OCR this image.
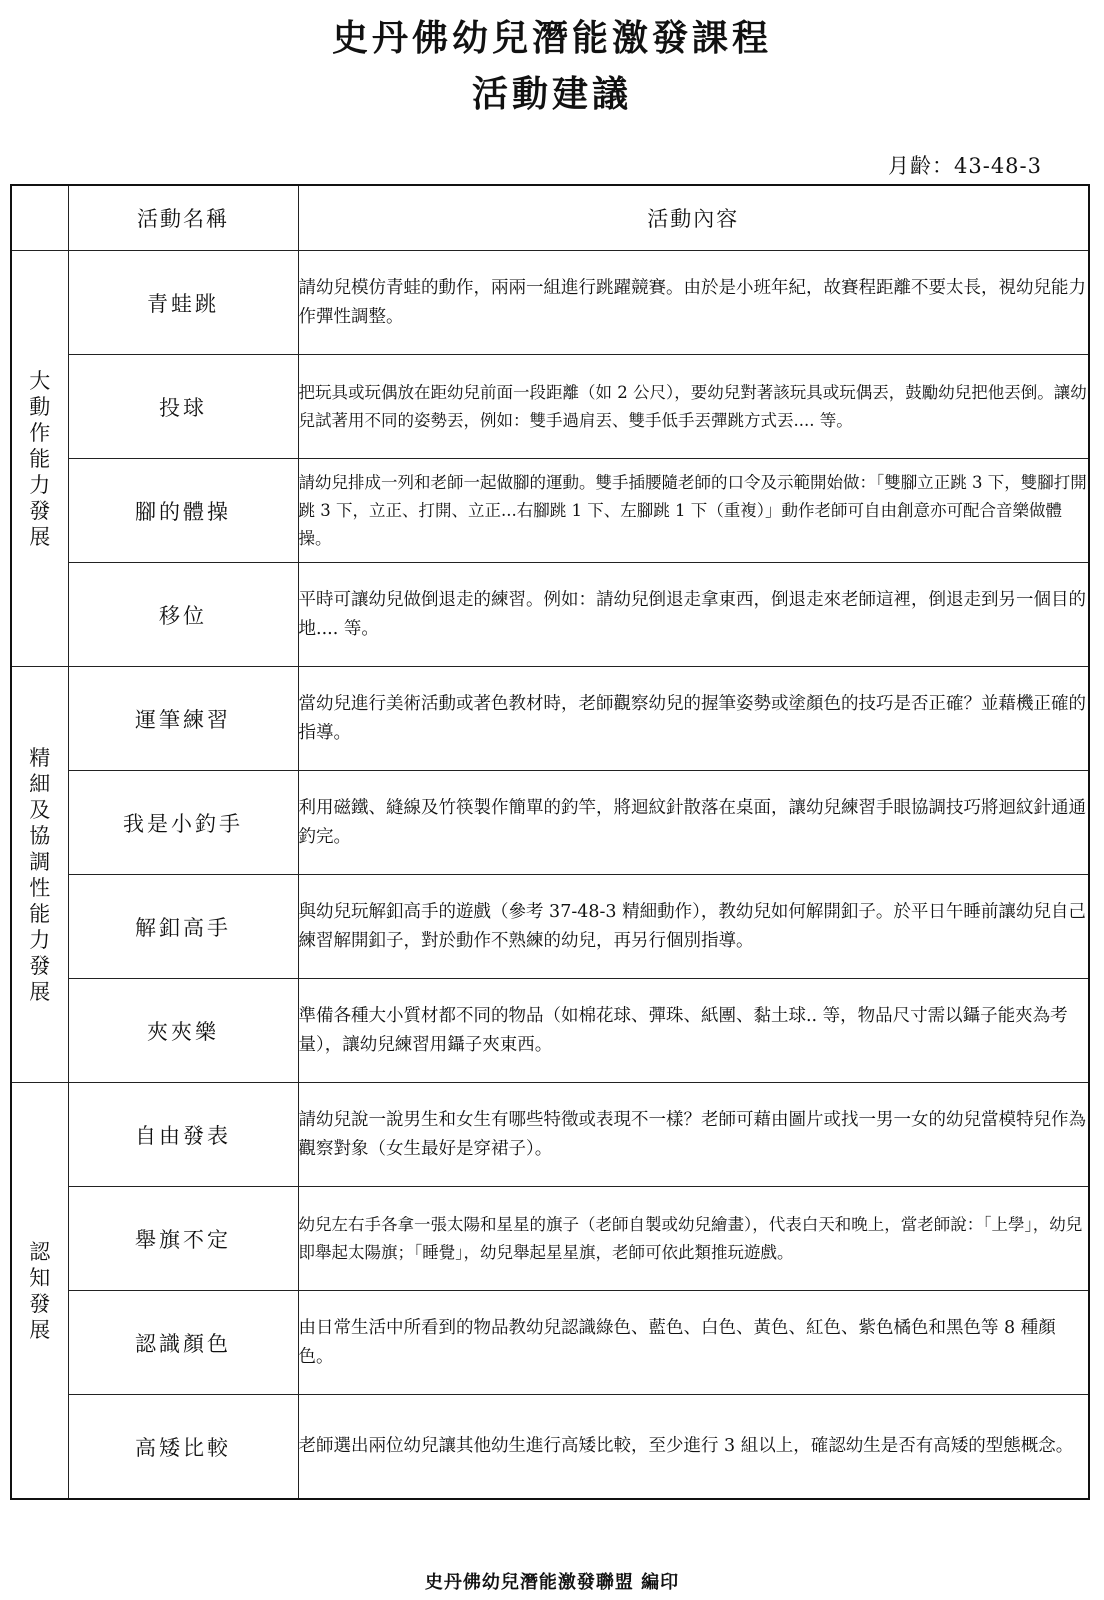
史丹佛幼兒潛能激發課程
活動建議
月齡：43-48-3
	活動名稱	活動內容
大動作能力發展	青蛙跳	請幼兒模仿青蛙的動作，兩兩一組進行跳躍競賽。由於是小班年紀，故賽程距離不要太長，視幼兒能力作彈性調整。
	投球	把玩具或玩偶放在距幼兒前面一段距離（如 2 公尺），要幼兒對著該玩具或玩偶丟，鼓勵幼兒把他丟倒。讓幼兒試著用不同的姿勢丟，例如：雙手過肩丟、雙手低手丟彈跳方式丟.... 等。
	腳的體操	請幼兒排成一列和老師一起做腳的運動。雙手插腰隨老師的口令及示範開始做：「雙腳立正跳 3 下，雙腳打開跳 3 下，立正、打開、立正...右腳跳 1 下、左腳跳 1 下（重複）」動作老師可自由創意亦可配合音樂做體操。
	移位	平時可讓幼兒做倒退走的練習。例如：請幼兒倒退走拿東西，倒退走來老師這裡，倒退走到另一個目的地.... 等。
精細及協調性能力發展	運筆練習	當幼兒進行美術活動或著色教材時，老師觀察幼兒的握筆姿勢或塗顏色的技巧是否正確？並藉機正確的指導。
	我是小釣手	利用磁鐵、縫線及竹筷製作簡單的釣竿，將迴紋針散落在桌面，讓幼兒練習手眼協調技巧將迴紋針通通釣完。
	解釦高手	與幼兒玩解釦高手的遊戲（參考 37-48-3 精細動作），教幼兒如何解開釦子。於平日午睡前讓幼兒自己練習解開釦子，對於動作不熟練的幼兒，再另行個別指導。
	夾夾樂	準備各種大小質材都不同的物品（如棉花球、彈珠、紙團、黏土球.. 等，物品尺寸需以鑷子能夾為考量），讓幼兒練習用鑷子夾東西。
認知發展	自由發表	請幼兒說一說男生和女生有哪些特徵或表現不一樣？老師可藉由圖片或找一男一女的幼兒當模特兒作為觀察對象（女生最好是穿裙子）。
	舉旗不定	幼兒左右手各拿一張太陽和星星的旗子（老師自製或幼兒繪畫），代表白天和晚上，當老師說：「上學」，幼兒即舉起太陽旗；「睡覺」，幼兒舉起星星旗，老師可依此類推玩遊戲。
	認識顏色	由日常生活中所看到的物品教幼兒認識綠色、藍色、白色、黃色、紅色、紫色橘色和黑色等 8 種顏色。
	高矮比較	老師選出兩位幼兒讓其他幼生進行高矮比較，至少進行 3 組以上，確認幼生是否有高矮的型態概念。
史丹佛幼兒潛能激發聯盟 編印
